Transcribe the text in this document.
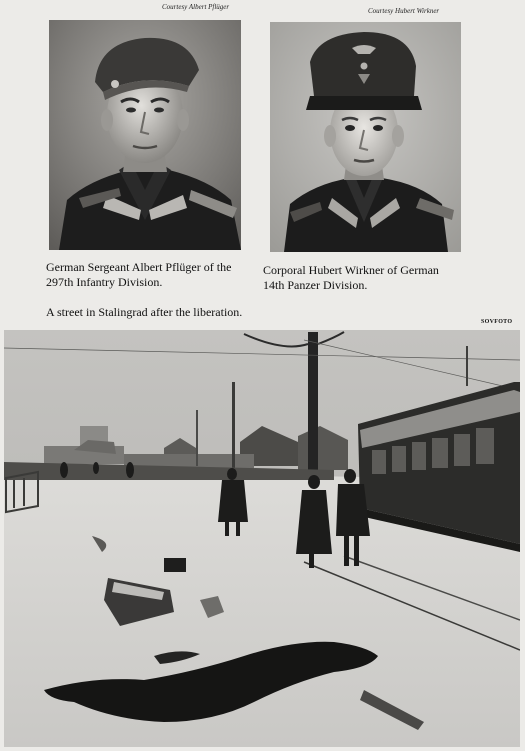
Courtesy Albert Pflüger	Courtesy Hubert Wirkner
German Sergeant Albert Pflüger of the
297th Infantry Division.
Corporal Hubert Wirkner of German
14th Panzer Division.
A street in Stalingrad after the liberation.
SOVFOTO
